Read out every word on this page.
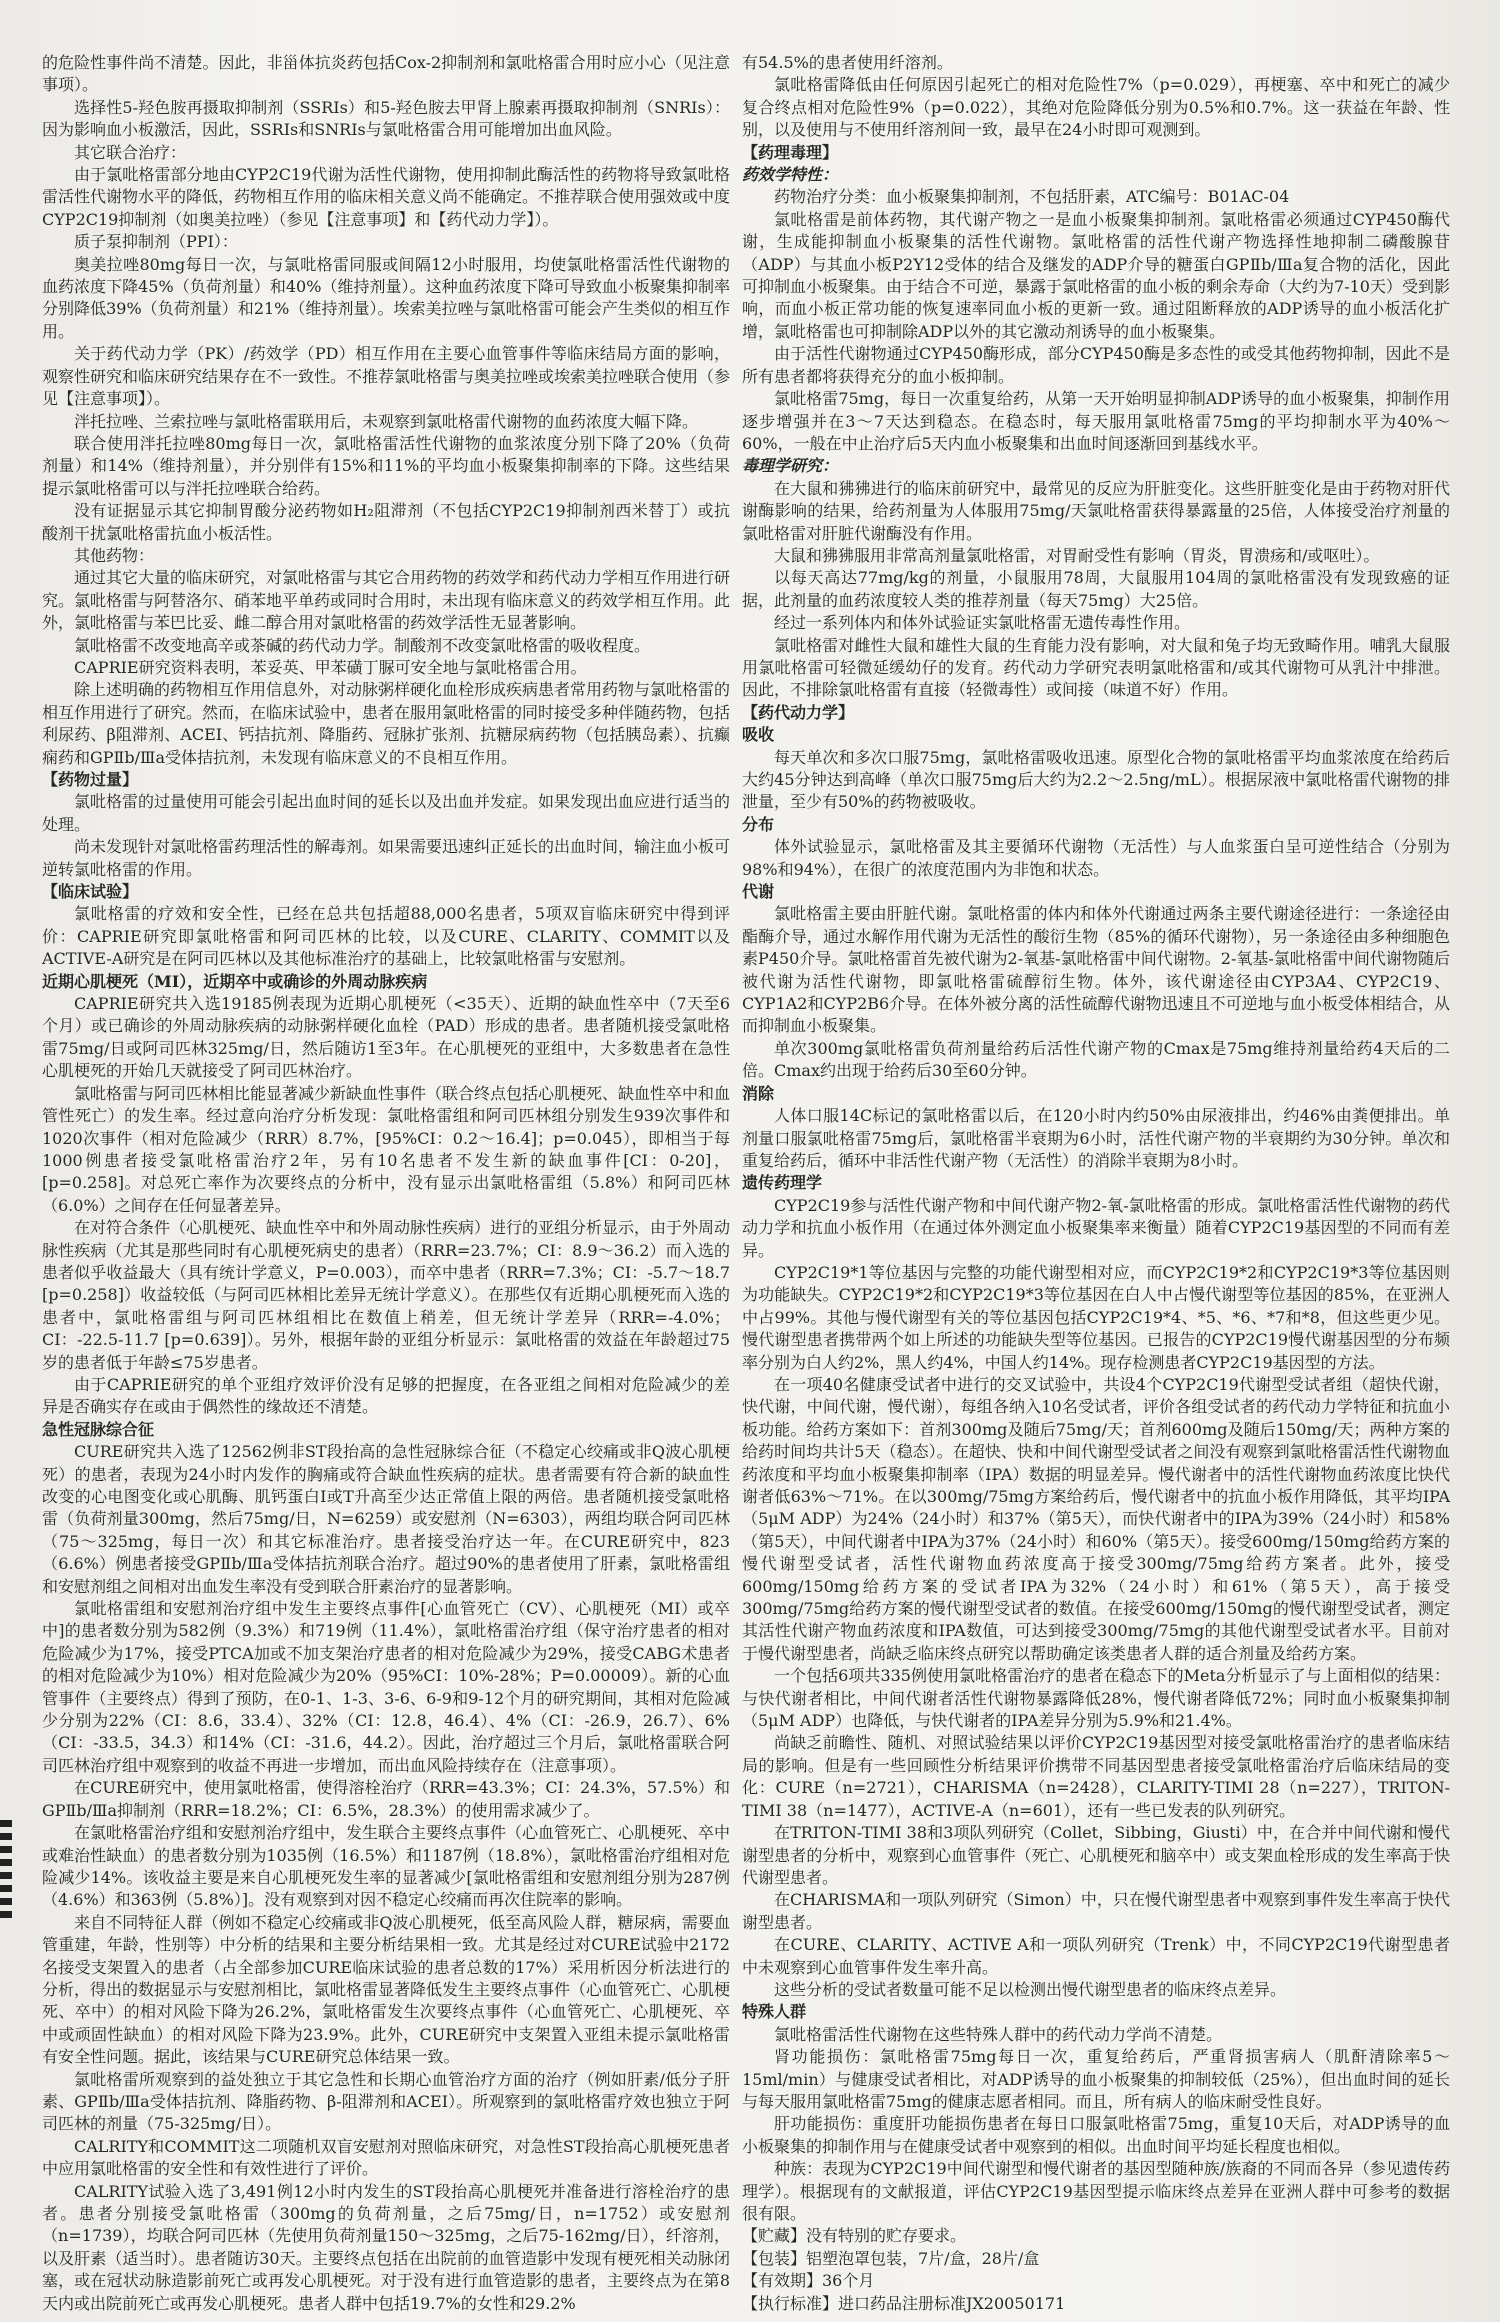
的危险性事件尚不清楚。因此，非甾体抗炎药包括Cox-2抑制剂和氯吡格雷合用时应小心（见注意事项）。

选择性5-羟色胺再摄取抑制剂（SSRIs）和5-羟色胺去甲肾上腺素再摄取抑制剂（SNRIs）：因为影响血小板激活，因此，SSRIs和SNRIs与氯吡格雷合用可能增加出血风险。

其它联合治疗：

由于氯吡格雷部分地由CYP2C19代谢为活性代谢物，使用抑制此酶活性的药物将导致氯吡格雷活性代谢物水平的降低，药物相互作用的临床相关意义尚不能确定。不推荐联合使用强效或中度CYP2C19抑制剂（如奥美拉唑）（参见【注意事项】和【药代动力学】）。

质子泵抑制剂（PPI）：

奥美拉唑80mg每日一次，与氯吡格雷同服或间隔12小时服用，均使氯吡格雷活性代谢物的血药浓度下降45%（负荷剂量）和40%（维持剂量）。这种血药浓度下降可导致血小板聚集抑制率分别降低39%（负荷剂量）和21%（维持剂量）。埃索美拉唑与氯吡格雷可能会产生类似的相互作用。

关于药代动力学（PK）/药效学（PD）相互作用在主要心血管事件等临床结局方面的影响，观察性研究和临床研究结果存在不一致性。不推荐氯吡格雷与奥美拉唑或埃索美拉唑联合使用（参见【注意事项】）。

泮托拉唑、兰索拉唑与氯吡格雷联用后，未观察到氯吡格雷代谢物的血药浓度大幅下降。

联合使用泮托拉唑80mg每日一次，氯吡格雷活性代谢物的血浆浓度分别下降了20%（负荷剂量）和14%（维持剂量），并分别伴有15%和11%的平均血小板聚集抑制率的下降。这些结果提示氯吡格雷可以与泮托拉唑联合给药。

没有证据显示其它抑制胃酸分泌药物如H₂阻滞剂（不包括CYP2C19抑制剂西米替丁）或抗酸剂干扰氯吡格雷抗血小板活性。

其他药物：

通过其它大量的临床研究，对氯吡格雷与其它合用药物的药效学和药代动力学相互作用进行研究。氯吡格雷与阿替洛尔、硝苯地平单药或同时合用时，未出现有临床意义的药效学相互作用。此外，氯吡格雷与苯巴比妥、雌二醇合用对氯吡格雷的药效学活性无显著影响。

氯吡格雷不改变地高辛或茶碱的药代动力学。制酸剂不改变氯吡格雷的吸收程度。

CAPRIE研究资料表明，苯妥英、甲苯磺丁脲可安全地与氯吡格雷合用。

除上述明确的药物相互作用信息外，对动脉粥样硬化血栓形成疾病患者常用药物与氯吡格雷的相互作用进行了研究。然而，在临床试验中，患者在服用氯吡格雷的同时接受多种伴随药物，包括利尿药、β阻滞剂、ACEI、钙拮抗剂、降脂药、冠脉扩张剂、抗糖尿病药物（包括胰岛素）、抗癫痫药和GPⅡb/Ⅲa受体拮抗剂，未发现有临床意义的不良相互作用。

【药物过量】

氯吡格雷的过量使用可能会引起出血时间的延长以及出血并发症。如果发现出血应进行适当的处理。

尚未发现针对氯吡格雷药理活性的解毒剂。如果需要迅速纠正延长的出血时间，输注血小板可逆转氯吡格雷的作用。

【临床试验】

氯吡格雷的疗效和安全性，已经在总共包括超88,000名患者，5项双盲临床研究中得到评价：CAPRIE研究即氯吡格雷和阿司匹林的比较，以及CURE、CLARITY、COMMIT以及ACTIVE-A研究是在阿司匹林以及其他标准治疗的基础上，比较氯吡格雷与安慰剂。

近期心肌梗死（MI），近期卒中或确诊的外周动脉疾病

CAPRIE研究共入选19185例表现为近期心肌梗死（<35天）、近期的缺血性卒中（7天至6个月）或已确诊的外周动脉疾病的动脉粥样硬化血栓（PAD）形成的患者。患者随机接受氯吡格雷75mg/日或阿司匹林325mg/日，然后随访1至3年。在心肌梗死的亚组中，大多数患者在急性心肌梗死的开始几天就接受了阿司匹林治疗。

氯吡格雷与阿司匹林相比能显著减少新缺血性事件（联合终点包括心肌梗死、缺血性卒中和血管性死亡）的发生率。经过意向治疗分析发现：氯吡格雷组和阿司匹林组分别发生939次事件和1020次事件（相对危险减少（RRR）8.7%，[95%CI：0.2～16.4]；p=0.045），即相当于每1000例患者接受氯吡格雷治疗2年，另有10名患者不发生新的缺血事件[CI：0-20]，[p=0.258]。对总死亡率作为次要终点的分析中，没有显示出氯吡格雷组（5.8%）和阿司匹林（6.0%）之间存在任何显著差异。

在对符合条件（心肌梗死、缺血性卒中和外周动脉性疾病）进行的亚组分析显示，由于外周动脉性疾病（尤其是那些同时有心肌梗死病史的患者）（RRR=23.7%；CI：8.9～36.2）而入选的患者似乎收益最大（具有统计学意义，P=0.003），而卒中患者（RRR=7.3%；CI：-5.7～18.7 [p=0.258]）收益较低（与阿司匹林相比差异无统计学意义）。在那些仅有近期心肌梗死而入选的患者中，氯吡格雷组与阿司匹林组相比在数值上稍差，但无统计学差异（RRR=-4.0%；CI：-22.5-11.7 [p=0.639]）。另外，根据年龄的亚组分析显示：氯吡格雷的效益在年龄超过75岁的患者低于年龄≤75岁患者。

由于CAPRIE研究的单个亚组疗效评价没有足够的把握度，在各亚组之间相对危险减少的差异是否确实存在或由于偶然性的缘故还不清楚。

急性冠脉综合征

CURE研究共入选了12562例非ST段抬高的急性冠脉综合征（不稳定心绞痛或非Q波心肌梗死）的患者，表现为24小时内发作的胸痛或符合缺血性疾病的症状。患者需要有符合新的缺血性改变的心电图变化或心肌酶、肌钙蛋白I或T升高至少达正常值上限的两倍。患者随机接受氯吡格雷（负荷剂量300mg，然后75mg/日，N=6259）或安慰剂（N=6303），两组均联合阿司匹林（75～325mg，每日一次）和其它标准治疗。患者接受治疗达一年。在CURE研究中，823（6.6%）例患者接受GPⅡb/Ⅲa受体拮抗剂联合治疗。超过90%的患者使用了肝素，氯吡格雷组和安慰剂组之间相对出血发生率没有受到联合肝素治疗的显著影响。

氯吡格雷组和安慰剂治疗组中发生主要终点事件[心血管死亡（CV）、心肌梗死（MI）或卒中]的患者数分别为582例（9.3%）和719例（11.4%），氯吡格雷治疗组（保守治疗患者的相对危险减少为17%，接受PTCA加或不加支架治疗患者的相对危险减少为29%，接受CABG术患者的相对危险减少为10%）相对危险减少为20%（95%CI：10%-28%；P=0.00009）。新的心血管事件（主要终点）得到了预防，在0-1、1-3、3-6、6-9和9-12个月的研究期间，其相对危险减少分别为22%（CI：8.6，33.4）、32%（CI：12.8，46.4）、4%（CI：-26.9，26.7）、6%（CI：-33.5，34.3）和14%（CI：-31.6，44.2）。因此，治疗超过三个月后，氯吡格雷联合阿司匹林治疗组中观察到的收益不再进一步增加，而出血风险持续存在（注意事项）。

在CURE研究中，使用氯吡格雷，使得溶栓治疗（RRR=43.3%；CI：24.3%，57.5%）和GPⅡb/Ⅲa抑制剂（RRR=18.2%；CI：6.5%，28.3%）的使用需求减少了。

在氯吡格雷治疗组和安慰剂治疗组中，发生联合主要终点事件（心血管死亡、心肌梗死、卒中或难治性缺血）的患者数分别为1035例（16.5%）和1187例（18.8%），氯吡格雷治疗组相对危险减少14%。该收益主要是来自心肌梗死发生率的显著减少[氯吡格雷组和安慰剂组分别为287例（4.6%）和363例（5.8%）]。没有观察到对因不稳定心绞痛而再次住院率的影响。

来自不同特征人群（例如不稳定心绞痛或非Q波心肌梗死，低至高风险人群，糖尿病，需要血管重建，年龄，性别等）中分析的结果和主要分析结果相一致。尤其是经过对CURE试验中2172名接受支架置入的患者（占全部参加CURE临床试验的患者总数的17%）采用析因分析法进行的分析，得出的数据显示与安慰剂相比，氯吡格雷显著降低发生主要终点事件（心血管死亡、心肌梗死、卒中）的相对风险下降为26.2%，氯吡格雷发生次要终点事件（心血管死亡、心肌梗死、卒中或顽固性缺血）的相对风险下降为23.9%。此外，CURE研究中支架置入亚组未提示氯吡格雷有安全性问题。据此，该结果与CURE研究总体结果一致。

氯吡格雷所观察到的益处独立于其它急性和长期心血管治疗方面的治疗（例如肝素/低分子肝素、GPⅡb/Ⅲa受体拮抗剂、降脂药物、β-阻滞剂和ACEI）。所观察到的氯吡格雷疗效也独立于阿司匹林的剂量（75-325mg/日）。

CALRITY和COMMIT这二项随机双盲安慰剂对照临床研究，对急性ST段抬高心肌梗死患者中应用氯吡格雷的安全性和有效性进行了评价。

CALRITY试验入选了3,491例12小时内发生的ST段抬高心肌梗死并准备进行溶栓治疗的患者。患者分别接受氯吡格雷（300mg的负荷剂量，之后75mg/日，n=1752）或安慰剂（n=1739），均联合阿司匹林（先使用负荷剂量150～325mg，之后75-162mg/日），纤溶剂，以及肝素（适当时）。患者随访30天。主要终点包括在出院前的血管造影中发现有梗死相关动脉闭塞，或在冠状动脉造影前死亡或再发心肌梗死。对于没有进行血管造影的患者，主要终点为在第8天内或出院前死亡或再发心肌梗死。患者人群中包括19.7%的女性和29.2%

有54.5%的患者使用纤溶剂。

氯吡格雷降低由任何原因引起死亡的相对危险性7%（p=0.029），再梗塞、卒中和死亡的减少复合终点相对危险性9%（p=0.022），其绝对危险降低分别为0.5%和0.7%。这一获益在年龄、性别，以及使用与不使用纤溶剂间一致，最早在24小时即可观测到。

【药理毒理】
药效学特性：

药物治疗分类：血小板聚集抑制剂，不包括肝素，ATC编号：B01AC-04

氯吡格雷是前体药物，其代谢产物之一是血小板聚集抑制剂。氯吡格雷必须通过CYP450酶代谢，生成能抑制血小板聚集的活性代谢物。氯吡格雷的活性代谢产物选择性地抑制二磷酸腺苷（ADP）与其血小板P2Y12受体的结合及继发的ADP介导的糖蛋白GPⅡb/Ⅲa复合物的活化，因此可抑制血小板聚集。由于结合不可逆，暴露于氯吡格雷的血小板的剩余寿命（大约为7-10天）受到影响，而血小板正常功能的恢复速率同血小板的更新一致。通过阻断释放的ADP诱导的血小板活化扩增，氯吡格雷也可抑制除ADP以外的其它激动剂诱导的血小板聚集。

由于活性代谢物通过CYP450酶形成，部分CYP450酶是多态性的或受其他药物抑制，因此不是所有患者都将获得充分的血小板抑制。

氯吡格雷75mg，每日一次重复给药，从第一天开始明显抑制ADP诱导的血小板聚集，抑制作用逐步增强并在3～7天达到稳态。在稳态时，每天服用氯吡格雷75mg的平均抑制水平为40%～60%，一般在中止治疗后5天内血小板聚集和出血时间逐渐回到基线水平。

毒理学研究：

在大鼠和狒狒进行的临床前研究中，最常见的反应为肝脏变化。这些肝脏变化是由于药物对肝代谢酶影响的结果，给药剂量为人体服用75mg/天氯吡格雷获得暴露量的25倍，人体接受治疗剂量的氯吡格雷对肝脏代谢酶没有作用。

大鼠和狒狒服用非常高剂量氯吡格雷，对胃耐受性有影响（胃炎，胃溃疡和/或呕吐）。

以每天高达77mg/kg的剂量，小鼠服用78周，大鼠服用104周的氯吡格雷没有发现致癌的证据，此剂量的血药浓度较人类的推荐剂量（每天75mg）大25倍。

经过一系列体内和体外试验证实氯吡格雷无遗传毒性作用。

氯吡格雷对雌性大鼠和雄性大鼠的生育能力没有影响，对大鼠和兔子均无致畸作用。哺乳大鼠服用氯吡格雷可轻微延缓幼仔的发育。药代动力学研究表明氯吡格雷和/或其代谢物可从乳汁中排泄。因此，不排除氯吡格雷有直接（轻微毒性）或间接（味道不好）作用。

【药代动力学】

吸收

每天单次和多次口服75mg，氯吡格雷吸收迅速。原型化合物的氯吡格雷平均血浆浓度在给药后大约45分钟达到高峰（单次口服75mg后大约为2.2～2.5ng/mL）。根据尿液中氯吡格雷代谢物的排泄量，至少有50%的药物被吸收。

分布

体外试验显示，氯吡格雷及其主要循环代谢物（无活性）与人血浆蛋白呈可逆性结合（分别为98%和94%），在很广的浓度范围内为非饱和状态。

代谢

氯吡格雷主要由肝脏代谢。氯吡格雷的体内和体外代谢通过两条主要代谢途径进行：一条途径由酯酶介导，通过水解作用代谢为无活性的酸衍生物（85%的循环代谢物），另一条途径由多种细胞色素P450介导。氯吡格雷首先被代谢为2-氧基-氯吡格雷中间代谢物。2-氧基-氯吡格雷中间代谢物随后被代谢为活性代谢物，即氯吡格雷硫醇衍生物。体外，该代谢途径由CYP3A4、CYP2C19、CYP1A2和CYP2B6介导。在体外被分离的活性硫醇代谢物迅速且不可逆地与血小板受体相结合，从而抑制血小板聚集。

单次300mg氯吡格雷负荷剂量给药后活性代谢产物的Cmax是75mg维持剂量给药4天后的二倍。Cmax约出现于给药后30至60分钟。

消除

人体口服14C标记的氯吡格雷以后，在120小时内约50%由尿液排出，约46%由粪便排出。单剂量口服氯吡格雷75mg后，氯吡格雷半衰期为6小时，活性代谢产物的半衰期约为30分钟。单次和重复给药后，循环中非活性代谢产物（无活性）的消除半衰期为8小时。

遗传药理学

CYP2C19参与活性代谢产物和中间代谢产物2-氧-氯吡格雷的形成。氯吡格雷活性代谢物的药代动力学和抗血小板作用（在通过体外测定血小板聚集率来衡量）随着CYP2C19基因型的不同而有差异。

CYP2C19*1等位基因与完整的功能代谢型相对应，而CYP2C19*2和CYP2C19*3等位基因则为功能缺失。CYP2C19*2和CYP2C19*3等位基因在白人中占慢代谢型等位基因的85%，在亚洲人中占99%。其他与慢代谢型有关的等位基因包括CYP2C19*4、*5、*6、*7和*8，但这些更少见。慢代谢型患者携带两个如上所述的功能缺失型等位基因。已报告的CYP2C19慢代谢基因型的分布频率分别为白人约2%，黑人约4%，中国人约14%。现存检测患者CYP2C19基因型的方法。

在一项40名健康受试者中进行的交叉试验中，共设4个CYP2C19代谢型受试者组（超快代谢，快代谢，中间代谢，慢代谢），每组各纳入10名受试者，评价各组受试者的药代动力学特征和抗血小板功能。给药方案如下：首剂300mg及随后75mg/天；首剂600mg及随后150mg/天；两种方案的给药时间均共计5天（稳态）。在超快、快和中间代谢型受试者之间没有观察到氯吡格雷活性代谢物血药浓度和平均血小板聚集抑制率（IPA）数据的明显差异。慢代谢者中的活性代谢物血药浓度比快代谢者低63%～71%。在以300mg/75mg方案给药后，慢代谢者中的抗血小板作用降低，其平均IPA（5μM ADP）为24%（24小时）和37%（第5天），而快代谢者中的IPA为39%（24小时）和58%（第5天），中间代谢者中IPA为37%（24小时）和60%（第5天）。接受600mg/150mg给药方案的慢代谢型受试者，活性代谢物血药浓度高于接受300mg/75mg给药方案者。此外，接受600mg/150mg给药方案的受试者IPA为32%（24小时）和61%（第5天），高于接受300mg/75mg给药方案的慢代谢型受试者的数值。在接受600mg/150mg的慢代谢型受试者，测定其活性代谢产物血药浓度和IPA数值，可达到接受300mg/75mg的其他代谢型受试者水平。目前对于慢代谢型患者，尚缺乏临床终点研究以帮助确定该类患者人群的适合剂量及给药方案。

一个包括6项共335例使用氯吡格雷治疗的患者在稳态下的Meta分析显示了与上面相似的结果：与快代谢者相比，中间代谢者活性代谢物暴露降低28%，慢代谢者降低72%；同时血小板聚集抑制（5μM ADP）也降低，与快代谢者的IPA差异分别为5.9%和21.4%。

尚缺乏前瞻性、随机、对照试验结果以评价CYP2C19基因型对接受氯吡格雷治疗的患者临床结局的影响。但是有一些回顾性分析结果评价携带不同基因型患者接受氯吡格雷治疗后临床结局的变化：CURE（n=2721），CHARISMA（n=2428），CLARITY-TIMI 28（n=227），TRITON-TIMI 38（n=1477），ACTIVE-A（n=601），还有一些已发表的队列研究。

在TRITON-TIMI 38和3项队列研究（Collet，Sibbing，Giusti）中，在合并中间代谢和慢代谢型患者的分析中，观察到心血管事件（死亡、心肌梗死和脑卒中）或支架血栓形成的发生率高于快代谢型患者。

在CHARISMA和一项队列研究（Simon）中，只在慢代谢型患者中观察到事件发生率高于快代谢型患者。

在CURE、CLARITY、ACTIVE A和一项队列研究（Trenk）中，不同CYP2C19代谢型患者中未观察到心血管事件发生率升高。

这些分析的受试者数量可能不足以检测出慢代谢型患者的临床终点差异。

特殊人群

氯吡格雷活性代谢物在这些特殊人群中的药代动力学尚不清楚。

肾功能损伤：氯吡格雷75mg每日一次，重复给药后，严重肾损害病人（肌酐清除率5～15ml/min）与健康受试者相比，对ADP诱导的血小板聚集的抑制较低（25%），但出血时间的延长与每天服用氯吡格雷75mg的健康志愿者相同。而且，所有病人的临床耐受性良好。

肝功能损伤：重度肝功能损伤患者在每日口服氯吡格雷75mg，重复10天后，对ADP诱导的血小板聚集的抑制作用与在健康受试者中观察到的相似。出血时间平均延长程度也相似。

种族：表现为CYP2C19中间代谢型和慢代谢者的基因型随种族/族裔的不同而各异（参见遗传药理学）。根据现有的文献报道，评估CYP2C19基因型提示临床终点差异在亚洲人群中可参考的数据很有限。

【贮藏】没有特别的贮存要求。

【包装】铝塑泡罩包装，7片/盒，28片/盒

【有效期】36个月

【执行标准】进口药品注册标准JX20050171
